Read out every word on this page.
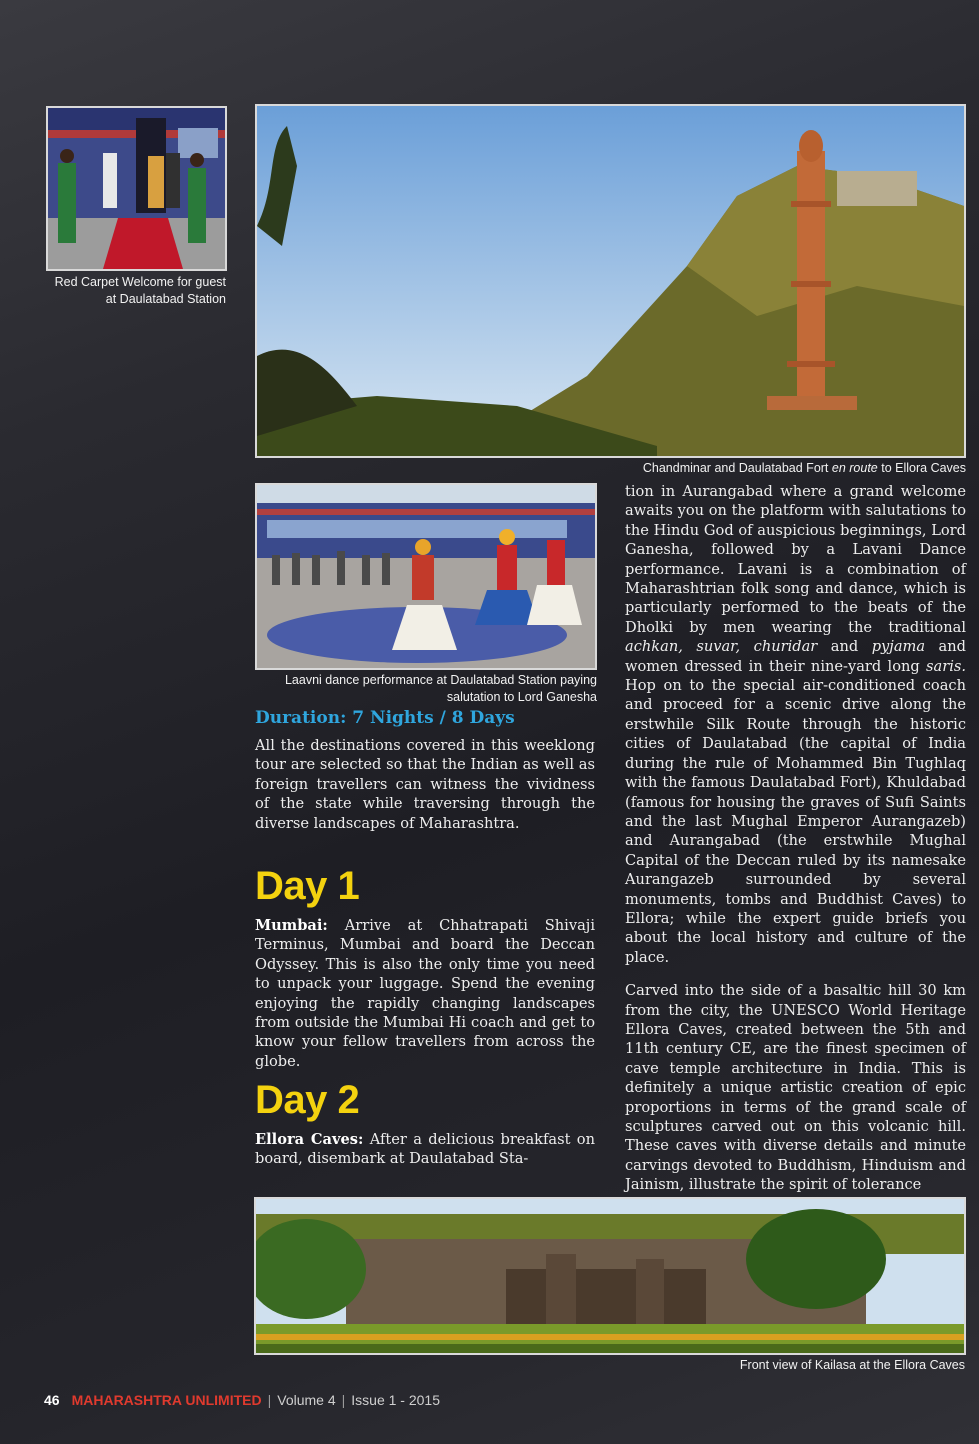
Red Carpet Welcome for guest
at Daulatabad Station
Chandminar and Daulatabad Fort en route to Ellora Caves
Laavni dance performance at Daulatabad Station paying
salutation to Lord Ganesha
Duration: 7 Nights / 8 Days

All the destinations covered in this weeklong tour are selected so that the Indian as well as foreign travellers can witness the vividness of the state while traversing through the diverse landscapes of Maharashtra.

Day 1
Mumbai: Arrive at Chhatrapati Shivaji Terminus, Mumbai and board the Deccan Odyssey. This is also the only time you need to unpack your luggage. Spend the evening enjoying the rapidly changing landscapes from outside the Mumbai Hi coach and get to know your fellow travellers from across the globe.
Day 2
Ellora Caves: After a delicious breakfast on board, disembark at Daulatabad Sta-

tion in Aurangabad where a grand welcome awaits you on the platform with salutations to the Hindu God of auspicious beginnings, Lord Ganesha, followed by a Lavani Dance performance. Lavani is a combination of Maharashtrian folk song and dance, which is particularly performed to the beats of the Dholki by men wearing the traditional achkan, suvar, churidar and pyjama and women dressed in their nine-yard long saris. Hop on to the special air-conditioned coach and proceed for a scenic drive along the erstwhile Silk Route through the historic cities of Daulatabad (the capital of India during the rule of Mohammed Bin Tughlaq with the famous Daulatabad Fort), Khuldabad (famous for housing the graves of Sufi Saints and the last Mughal Emperor Aurangazeb) and Aurangabad (the erstwhile Mughal Capital of the Deccan ruled by its namesake Aurangazeb surrounded by several monuments, tombs and Buddhist Caves) to Ellora; while the expert guide briefs you about the local history and culture of the place.

Carved into the side of a basaltic hill 30 km from the city, the UNESCO World Heritage Ellora Caves, created between the 5th and 11th century CE, are the finest specimen of cave temple architecture in India. This is definitely a unique artistic creation of epic proportions in terms of the grand scale of sculptures carved out on this volcanic hill. These caves with diverse details and minute carvings devoted to Buddhism, Hinduism and Jainism, illustrate the spirit of tolerance

Front view of Kailasa at the Ellora Caves
46 MAHARASHTRA UNLIMITED | Volume 4 | Issue 1 - 2015
